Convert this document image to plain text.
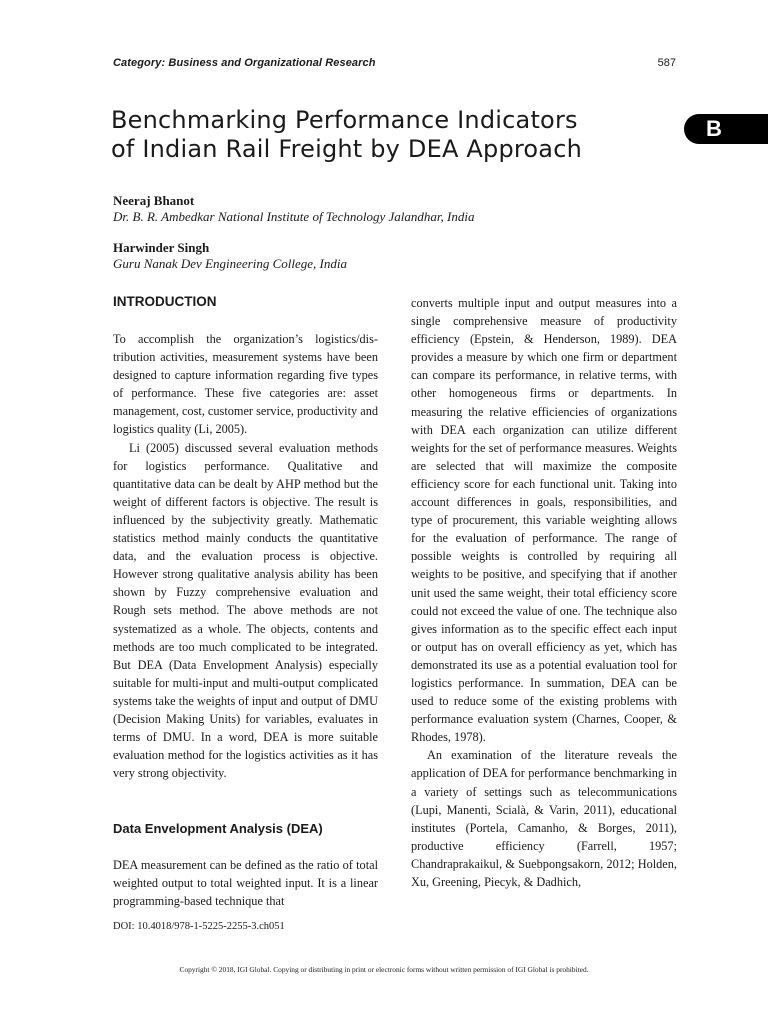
Category: Business and Organizational Research	587
Benchmarking Performance Indicators
of Indian Rail Freight by DEA Approach
B
Neeraj Bhanot
Dr. B. R. Ambedkar National Institute of Technology Jalandhar, India
Harwinder Singh
Guru Nanak Dev Engineering College, India
INTRODUCTION

To accomplish the organization’s logistics/distribution activities, measurement systems have been designed to capture information regarding five types of performance. These five categories are: asset management, cost, customer service, productivity and logistics quality (Li, 2005).

Li (2005) discussed several evaluation methods for logistics performance. Qualitative and quantitative data can be dealt by AHP method but the weight of different factors is objective. The result is influenced by the subjectivity greatly. Mathematic statistics method mainly conducts the quantitative data, and the evaluation process is objective. However strong qualitative analysis ability has been shown by Fuzzy comprehensive evaluation and Rough sets method. The above methods are not systematized as a whole. The objects, contents and methods are too much complicated to be integrated. But DEA (Data Envelopment Analysis) especially suitable for multi-input and multi-output complicated systems take the weights of input and output of DMU (Decision Making Units) for variables, evaluates in terms of DMU. In a word, DEA is more suitable evaluation method for the logistics activities as it has very strong objectivity.

Data Envelopment Analysis (DEA)

DEA measurement can be defined as the ratio of total weighted output to total weighted input. It is a linear programming-based technique that

converts multiple input and output measures into a single comprehensive measure of productivity efficiency (Epstein, & Henderson, 1989). DEA provides a measure by which one firm or department can compare its performance, in relative terms, with other homogeneous firms or departments. In measuring the relative efficiencies of organizations with DEA each organization can utilize different weights for the set of performance measures. Weights are selected that will maximize the composite efficiency score for each functional unit. Taking into account differences in goals, responsibilities, and type of procurement, this variable weighting allows for the evaluation of performance. The range of possible weights is controlled by requiring all weights to be positive, and specifying that if another unit used the same weight, their total efficiency score could not exceed the value of one. The technique also gives information as to the specific effect each input or output has on overall efficiency as yet, which has demonstrated its use as a potential evaluation tool for logistics performance. In summation, DEA can be used to reduce some of the existing problems with performance evaluation system (Charnes, Cooper, & Rhodes, 1978).

An examination of the literature reveals the application of DEA for performance benchmarking in a variety of settings such as telecommunications (Lupi, Manenti, Scialà, & Varin, 2011), educational institutes (Portela, Camanho, & Borges, 2011), productive efficiency (Farrell, 1957; Chandraprakaikul, & Suebpongsakorn, 2012; Holden, Xu, Greening, Piecyk, & Dadhich,

DOI: 10.4018/978-1-5225-2255-3.ch051
Copyright © 2018, IGI Global. Copying or distributing in print or electronic forms without written permission of IGI Global is prohibited.
